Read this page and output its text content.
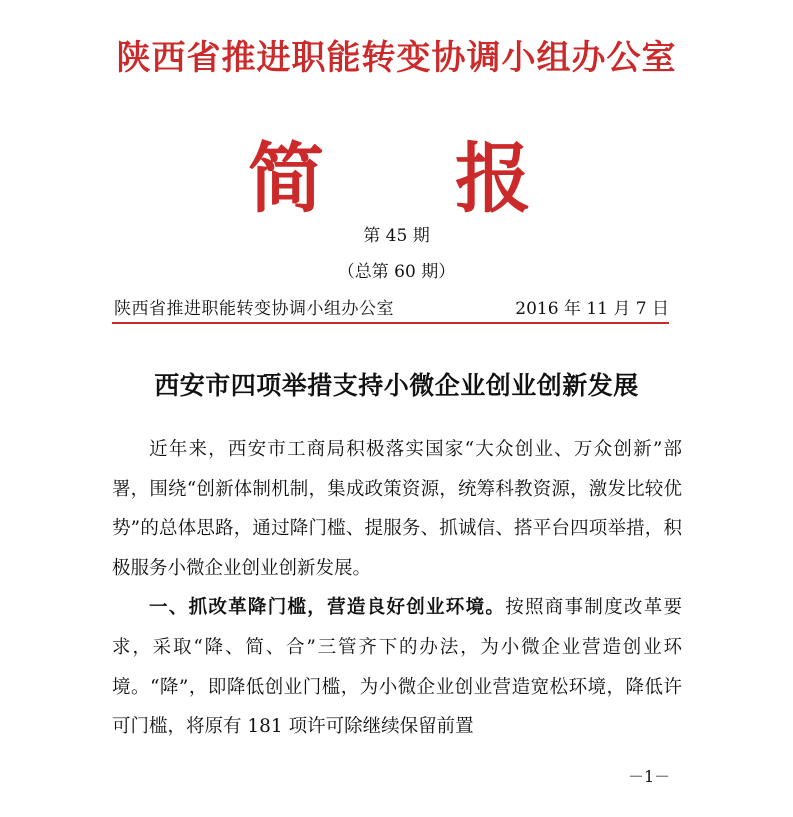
陕西省推进职能转变协调小组办公室
简 报
第 45 期
（总第 60 期）
陕西省推进职能转变协调小组办公室	2016 年 11 月 7 日
西安市四项举措支持小微企业创业创新发展

近年来，西安市工商局积极落实国家“大众创业、万众创新”部署，围绕“创新体制机制，集成政策资源，统筹科教资源，激发比较优势”的总体思路，通过降门槛、提服务、抓诚信、搭平台四项举措，积极服务小微企业创业创新发展。

一、抓改革降门槛，营造良好创业环境。按照商事制度改革要求，采取“降、简、合”三管齐下的办法，为小微企业营造创业环境。“降”，即降低创业门槛，为小微企业创业营造宽松环境，降低许可门槛，将原有 181 项许可除继续保留前置

－1－
